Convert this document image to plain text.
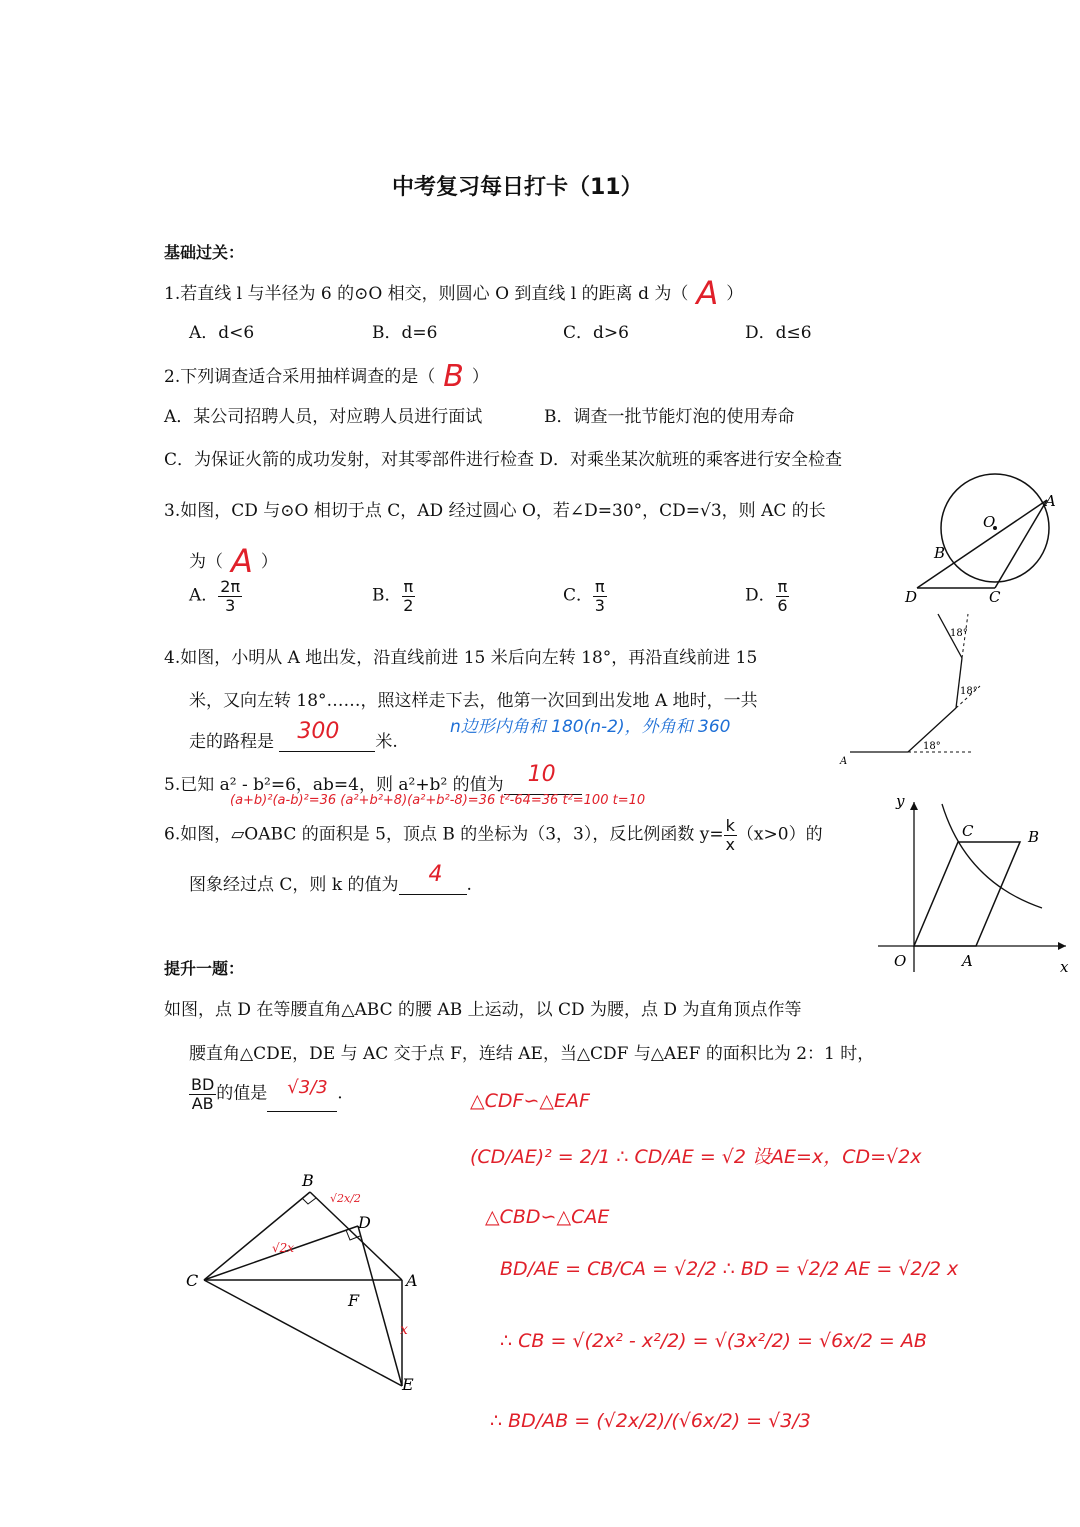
中考复习每日打卡（11）
基础过关：
1.若直线 l 与半径为 6 的⊙O 相交，则圆心 O 到直线 l 的距离 d 为（ A ）
A．d<6	B．d=6	C．d>6	D．d≤6
2.下列调查适合采用抽样调查的是（ B ）
A．某公司招聘人员，对应聘人员进行面试	B．调查一批节能灯泡的使用寿命
C．为保证火箭的成功发射，对其零部件进行检查 D．对乘坐某次航班的乘客进行安全检查
3.如图，CD 与⊙O 相切于点 C，AD 经过圆心 O，若∠D=30°，CD=√3，则 AC 的长
为（ A ）
A． $\frac{2\pi}{3}$	B． $\frac{\pi}{2}$	C． $\frac{\pi}{3}$	D． $\frac{\pi}{6}$
O
A
B
C
D
4.如图，小明从 A 地出发，沿直线前进 15 米后向左转 18°，再沿直线前进 15
米，又向左转 18°……，照这样走下去，他第一次回到出发地 A 地时，一共
走的路程是 300 米.
n边形内角和 180(n-2)，外角和 360
18°
18°
18°
A
5.已知 a² - b²=6，ab=4，则 a²+b² 的值为 10
(a+b)²(a-b)²=36 (a²+b²+8)(a²+b²-8)=36 t²-64=36 t²=100 t=10
6.如图，▱OABC 的面积是 5，顶点 B 的坐标为（3，3），反比例函数 $y= \frac{k}{x} (x>0)$的
图象经过点 C，则 k 的值为 4 .
y
x
O	A
B
C
提升一题：
如图，点 D 在等腰直角△ABC 的腰 AB 上运动，以 CD 为腰，点 D 为直角顶点作等
腰直角△CDE，DE 与 AC 交于点 F，连结 AE，当△CDF 与△AEF 的面积比为 2：1 时，
$\frac{BD}{AB}$ 的值是 √3/3 .
B
D
C	A
F
E
√2x/2
√2x
x
△CDF∽△EAF
(CD/AE)² = 2/1 ∴ CD/AE = √2 设AE=x，CD=√2x
△CBD∽△CAE
BD/AE = CB/CA = √2/2 ∴ BD = √2/2 AE = √2/2 x
∴ CB = √(2x² - x²/2) = √(3x²/2) = √6x/2 = AB
∴ BD/AB = (√2x/2)/(√6x/2) = √3/3
